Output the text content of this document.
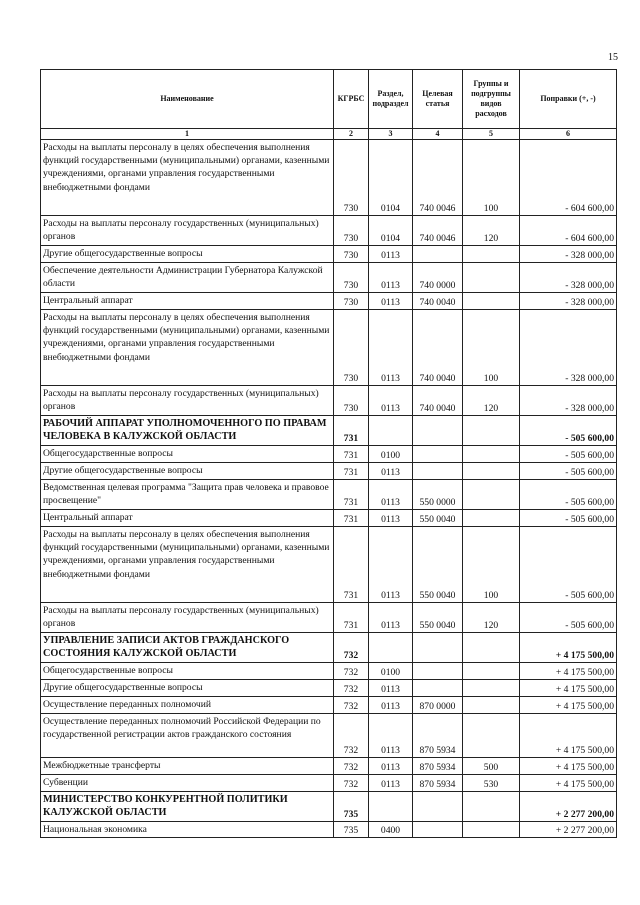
15
Наименование	КГРБС	Раздел, подраздел	Целевая статья	Группы и подгруппы видов расходов	Поправки (+, -)
1	2	3	4	5	6
Расходы на выплаты персоналу в целях обеспечения выполнения функций государственными (муниципальными) органами, казенными учреждениями, органами управления государственными внебюджетными фондами	730	0104	740 0046	100	- 604 600,00
Расходы на выплаты персоналу государственных (муниципальных) органов	730	0104	740 0046	120	- 604 600,00
Другие общегосударственные вопросы	730	0113			- 328 000,00
Обеспечение деятельности Администрации Губернатора Калужской области	730	0113	740 0000		- 328 000,00
Центральный аппарат	730	0113	740 0040		- 328 000,00
Расходы на выплаты персоналу в целях обеспечения выполнения функций государственными (муниципальными) органами, казенными учреждениями, органами управления государственными внебюджетными фондами	730	0113	740 0040	100	- 328 000,00
Расходы на выплаты персоналу государственных (муниципальных) органов	730	0113	740 0040	120	- 328 000,00
РАБОЧИЙ АППАРАТ УПОЛНОМОЧЕННОГО ПО ПРАВАМ ЧЕЛОВЕКА В КАЛУЖСКОЙ ОБЛАСТИ	731				- 505 600,00
Общегосударственные вопросы	731	0100			- 505 600,00
Другие общегосударственные вопросы	731	0113			- 505 600,00
Ведомственная целевая программа "Защита прав человека и правовое просвещение"	731	0113	550 0000		- 505 600,00
Центральный аппарат	731	0113	550 0040		- 505 600,00
Расходы на выплаты персоналу в целях обеспечения выполнения функций государственными (муниципальными) органами, казенными учреждениями, органами управления государственными внебюджетными фондами	731	0113	550 0040	100	- 505 600,00
Расходы на выплаты персоналу государственных (муниципальных) органов	731	0113	550 0040	120	- 505 600,00
УПРАВЛЕНИЕ ЗАПИСИ АКТОВ ГРАЖДАНСКОГО СОСТОЯНИЯ КАЛУЖСКОЙ ОБЛАСТИ	732				+ 4 175 500,00
Общегосударственные вопросы	732	0100			+ 4 175 500,00
Другие общегосударственные вопросы	732	0113			+ 4 175 500,00
Осуществление переданных полномочий	732	0113	870 0000		+ 4 175 500,00
Осуществление переданных полномочий Российской Федерации по государственной регистрации актов гражданского состояния	732	0113	870 5934		+ 4 175 500,00
Межбюджетные трансферты	732	0113	870 5934	500	+ 4 175 500,00
Субвенции	732	0113	870 5934	530	+ 4 175 500,00
МИНИСТЕРСТВО КОНКУРЕНТНОЙ ПОЛИТИКИ КАЛУЖСКОЙ ОБЛАСТИ	735				+ 2 277 200,00
Национальная экономика	735	0400			+ 2 277 200,00
